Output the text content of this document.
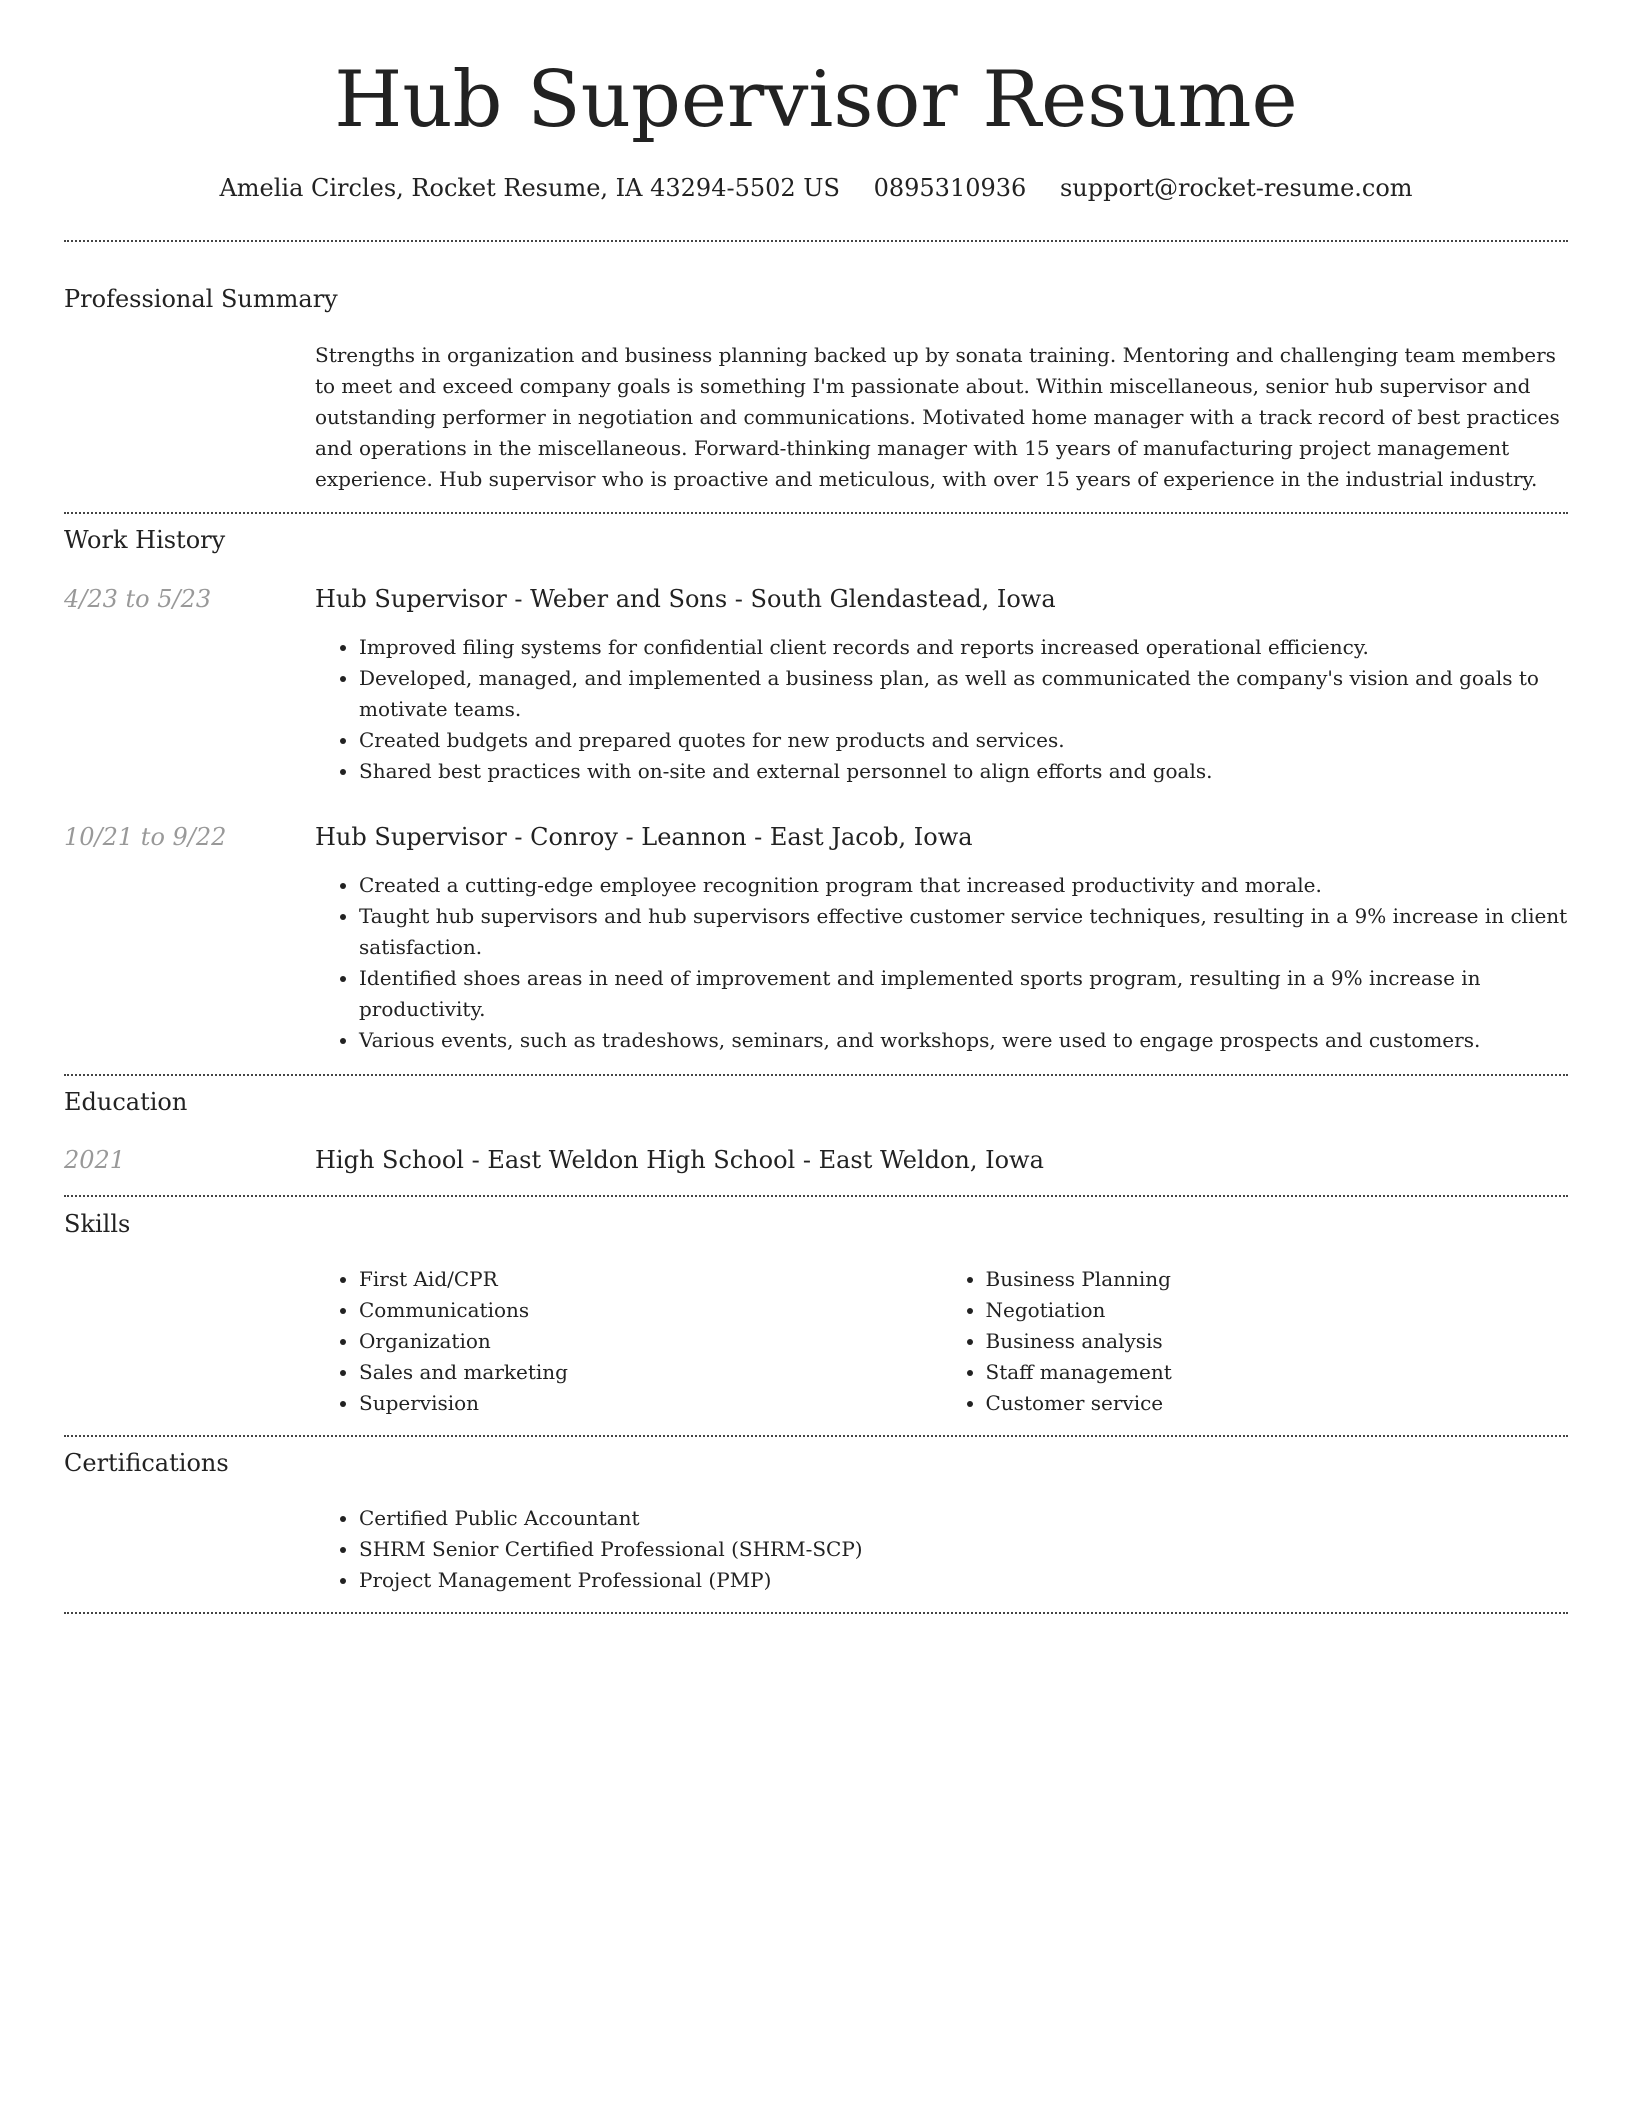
Hub Supervisor Resume
Amelia Circles, Rocket Resume, IA 43294-5502 US 0895310936 support@rocket-resume.com
Professional Summary

Strengths in organization and business planning backed up by sonata training. Mentoring and challenging team members to meet and exceed company goals is something I'm passionate about. Within miscellaneous, senior hub supervisor and outstanding performer in negotiation and communications. Motivated home manager with a track record of best practices and operations in the miscellaneous. Forward-thinking manager with 15 years of manufacturing project management experience. Hub supervisor who is proactive and meticulous, with over 15 years of experience in the industrial industry.

Work History
4/23 to 5/23	Hub Supervisor - Weber and Sons - South Glendastead, Iowa
• Improved filing systems for confidential client records and reports increased operational efficiency.
• Developed, managed, and implemented a business plan, as well as communicated the company's vision and goals to motivate teams.
• Created budgets and prepared quotes for new products and services.
• Shared best practices with on-site and external personnel to align efforts and goals.
10/21 to 9/22	Hub Supervisor - Conroy - Leannon - East Jacob, Iowa
• Created a cutting-edge employee recognition program that increased productivity and morale.
• Taught hub supervisors and hub supervisors effective customer service techniques, resulting in a 9% increase in client satisfaction.
• Identified shoes areas in need of improvement and implemented sports program, resulting in a 9% increase in productivity.
• Various events, such as tradeshows, seminars, and workshops, were used to engage prospects and customers.
Education
2021	High School - East Weldon High School - East Weldon, Iowa
Skills
• First Aid/CPR
• Communications
• Organization
• Sales and marketing
• Supervision
• Business Planning
• Negotiation
• Business analysis
• Staff management
• Customer service
Certifications
• Certified Public Accountant
• SHRM Senior Certified Professional (SHRM-SCP)
• Project Management Professional (PMP)
